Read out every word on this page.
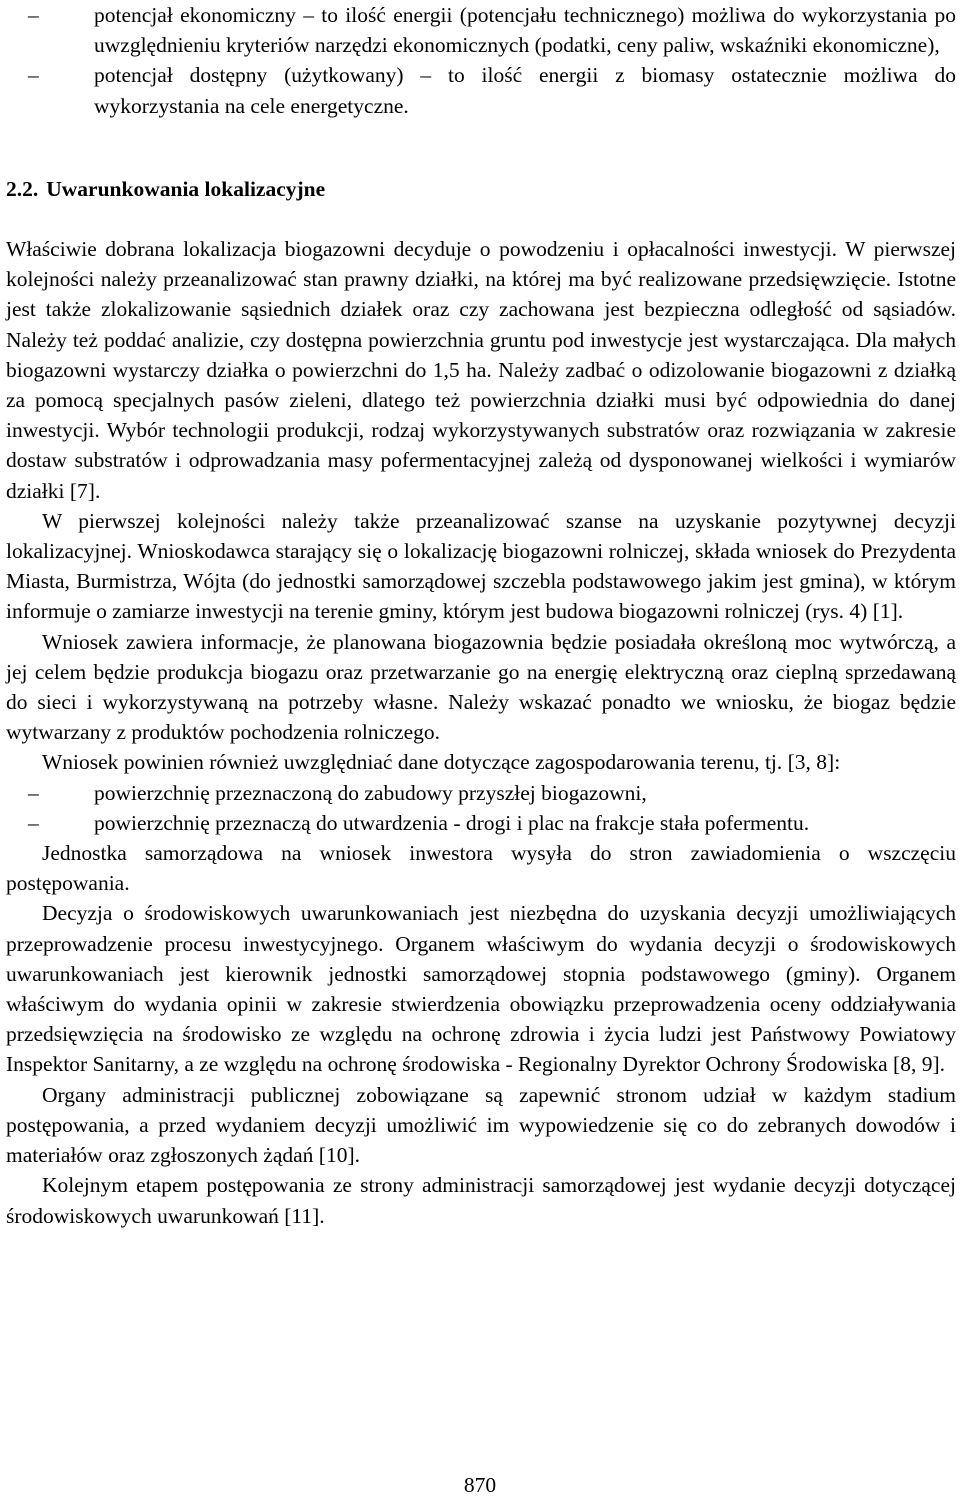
–	potencjał ekonomiczny – to ilość energii (potencjału technicznego) możliwa do wykorzystania po uwzględnieniu kryteriów narzędzi ekonomicznych (podatki, ceny paliw, wskaźniki ekonomiczne),
–	potencjał dostępny (użytkowany) – to ilość energii z biomasy ostatecznie możliwa do wykorzystania na cele energetyczne.
2.2. Uwarunkowania lokalizacyjne

Właściwie dobrana lokalizacja biogazowni decyduje o powodzeniu i opłacalności inwestycji. W pierwszej kolejności należy przeanalizować stan prawny działki, na której ma być realizowane przedsięwzięcie. Istotne jest także zlokalizowanie sąsiednich działek oraz czy zachowana jest bezpieczna odległość od sąsiadów. Należy też poddać analizie, czy dostępna powierzchnia gruntu pod inwestycje jest wystarczająca. Dla małych biogazowni wystarczy działka o powierzchni do 1,5 ha. Należy zadbać o odizolowanie biogazowni z działką za pomocą specjalnych pasów zieleni, dlatego też powierzchnia działki musi być odpowiednia do danej inwestycji. Wybór technologii produkcji, rodzaj wykorzystywanych substratów oraz rozwiązania w zakresie dostaw substratów i odprowadzania masy pofermentacyjnej zależą od dysponowanej wielkości i wymiarów działki [7].

W pierwszej kolejności należy także przeanalizować szanse na uzyskanie pozytywnej decyzji lokalizacyjnej. Wnioskodawca starający się o lokalizację biogazowni rolniczej, składa wniosek do Prezydenta Miasta, Burmistrza, Wójta (do jednostki samorządowej szczebla podstawowego jakim jest gmina), w którym informuje o zamiarze inwestycji na terenie gminy, którym jest budowa biogazowni rolniczej (rys. 4) [1].

Wniosek zawiera informacje, że planowana biogazownia będzie posiadała określoną moc wytwórczą, a jej celem będzie produkcja biogazu oraz przetwarzanie go na energię elektryczną oraz cieplną sprzedawaną do sieci i wykorzystywaną na potrzeby własne. Należy wskazać ponadto we wniosku, że biogaz będzie wytwarzany z produktów pochodzenia rolniczego.

Wniosek powinien również uwzględniać dane dotyczące zagospodarowania terenu, tj. [3, 8]:

–	powierzchnię przeznaczoną do zabudowy przyszłej biogazowni,
–	powierzchnię przeznaczą do utwardzenia - drogi i plac na frakcje stała pofermentu.

Jednostka samorządowa na wniosek inwestora wysyła do stron zawiadomienia o wszczęciu postępowania.

Decyzja o środowiskowych uwarunkowaniach jest niezbędna do uzyskania decyzji umożliwiających przeprowadzenie procesu inwestycyjnego. Organem właściwym do wydania decyzji o środowiskowych uwarunkowaniach jest kierownik jednostki samorządowej stopnia podstawowego (gminy). Organem właściwym do wydania opinii w zakresie stwierdzenia obowiązku przeprowadzenia oceny oddziaływania przedsięwzięcia na środowisko ze względu na ochronę zdrowia i życia ludzi jest Państwowy Powiatowy Inspektor Sanitarny, a ze względu na ochronę środowiska - Regionalny Dyrektor Ochrony Środowiska [8, 9].

Organy administracji publicznej zobowiązane są zapewnić stronom udział w każdym stadium postępowania, a przed wydaniem decyzji umożliwić im wypowiedzenie się co do zebranych dowodów i materiałów oraz zgłoszonych żądań [10].

Kolejnym etapem postępowania ze strony administracji samorządowej jest wydanie decyzji dotyczącej środowiskowych uwarunkowań [11].

870
